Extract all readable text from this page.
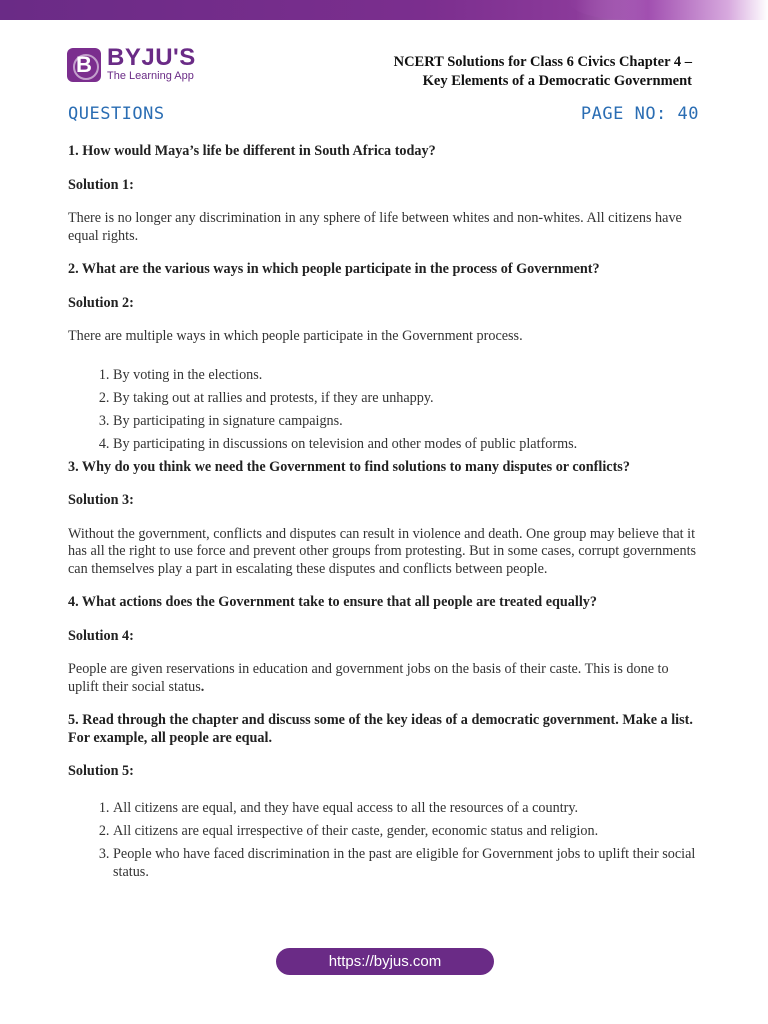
B BYJU'S
The Learning App
NCERT Solutions for Class 6 Civics Chapter 4 –
Key Elements of a Democratic Government
QUESTIONS	PAGE NO: 40

1. How would Maya’s life be different in South Africa today?

Solution 1:

There is no longer any discrimination in any sphere of life between whites and non-whites. All citizens have equal rights.

2. What are the various ways in which people participate in the process of Government?

Solution 2:

There are multiple ways in which people participate in the Government process.

1. By voting in the elections.
2. By taking out at rallies and protests, if they are unhappy.
3. By participating in signature campaigns.
4. By participating in discussions on television and other modes of public platforms.

3. Why do you think we need the Government to find solutions to many disputes or conflicts?

Solution 3:

Without the government, conflicts and disputes can result in violence and death. One group may believe that it has all the right to use force and prevent other groups from protesting. But in some cases, corrupt governments can themselves play a part in escalating these disputes and conflicts between people.

4. What actions does the Government take to ensure that all people are treated equally?

Solution 4:

People are given reservations in education and government jobs on the basis of their caste. This is done to uplift their social status.

5. Read through the chapter and discuss some of the key ideas of a democratic government. Make a list. For example, all people are equal.

Solution 5:

1. All citizens are equal, and they have equal access to all the resources of a country.
2. All citizens are equal irrespective of their caste, gender, economic status and religion.
3. People who have faced discrimination in the past are eligible for Government jobs to uplift their social status.
https://byjus.com
